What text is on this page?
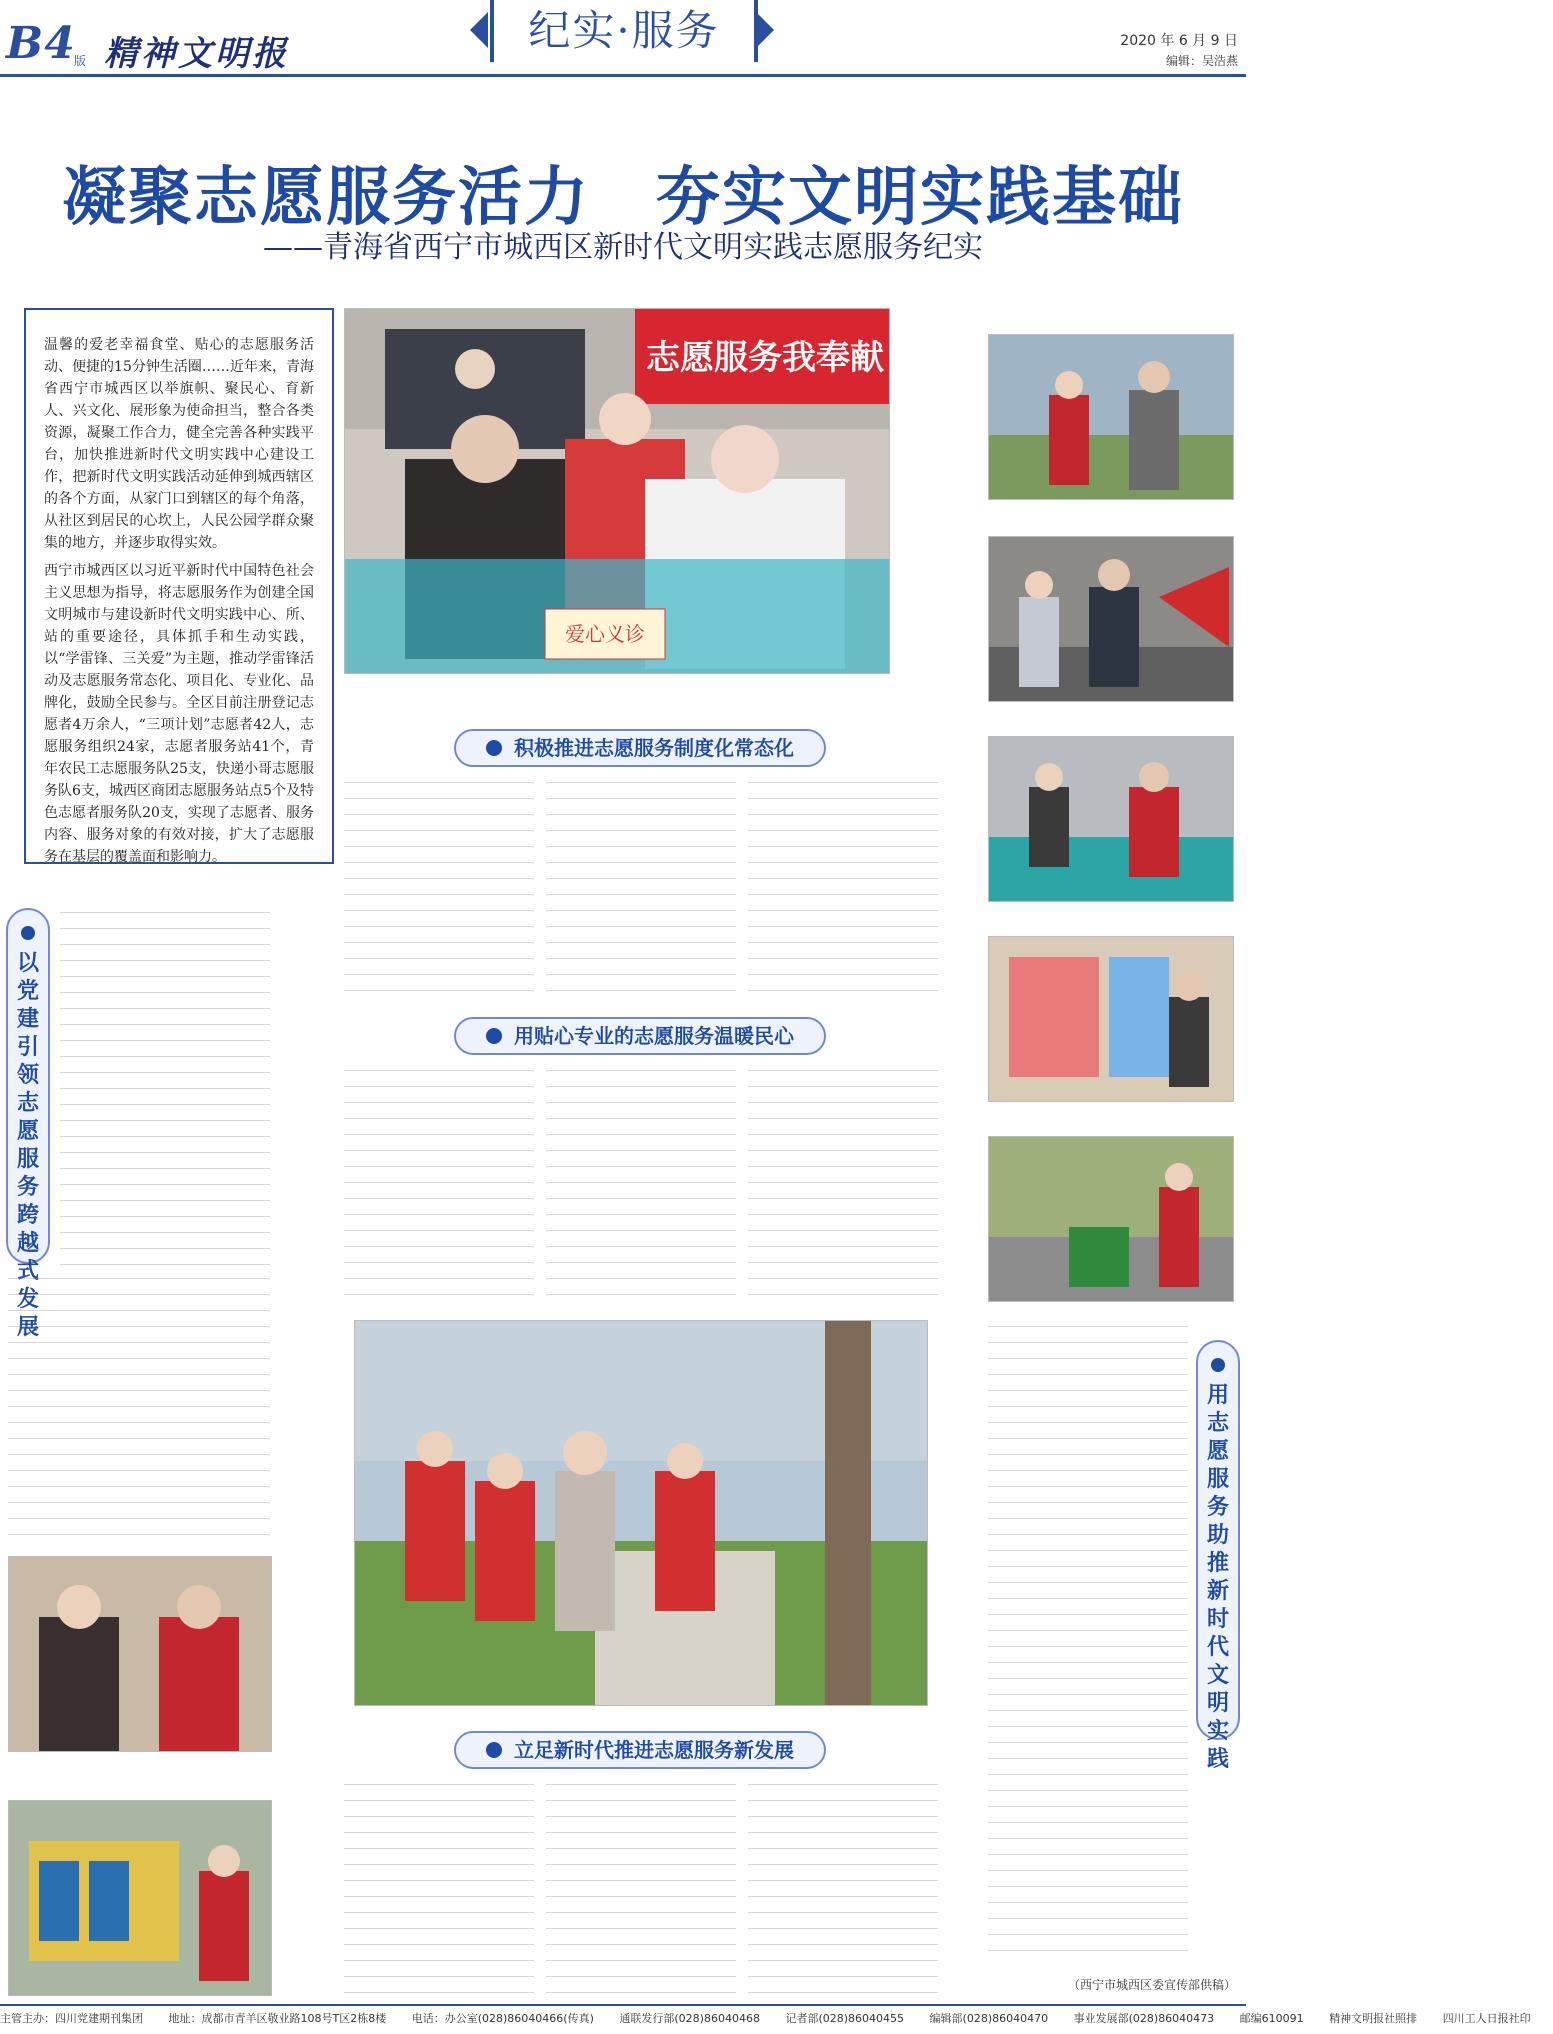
B4
版 精神文明报	纪实·服务	2020 年 6 月 9 日
编辑：吴浩燕
凝聚志愿服务活力　夯实文明实践基础
——青海省西宁市城西区新时代文明实践志愿服务纪实

温馨的爱老幸福食堂、贴心的志愿服务活动、便捷的15分钟生活圈……近年来，青海省西宁市城西区以举旗帜、聚民心、育新人、兴文化、展形象为使命担当，整合各类资源，凝聚工作合力，健全完善各种实践平台，加快推进新时代文明实践中心建设工作，把新时代文明实践活动延伸到城西辖区的各个方面，从家门口到辖区的每个角落，从社区到居民的心坎上，人民公园学群众聚集的地方，并逐步取得实效。

西宁市城西区以习近平新时代中国特色社会主义思想为指导，将志愿服务作为创建全国文明城市与建设新时代文明实践中心、所、站的重要途径，具体抓手和生动实践，以“学雷锋、三关爱”为主题，推动学雷锋活动及志愿服务常态化、项目化、专业化、品牌化，鼓励全民参与。全区目前注册登记志愿者4万余人，“三项计划”志愿者42人，志愿服务组织24家，志愿者服务站41个，青年农民工志愿服务队25支，快递小哥志愿服务队6支，城西区商团志愿服务站点5个及特色志愿者服务队20支，实现了志愿者、服务内容、服务对象的有效对接，扩大了志愿服务在基层的覆盖面和影响力。

志愿服务我奉献
爱心义诊
积极推进志愿服务制度化常态化
用贴心专业的志愿服务温暖民心
立足新时代推进志愿服务新发展
以
党
建
引
领
志
愿
服
务
跨
越
式
发
展
用
志
愿
服
务
助
推
新
时
代
文
明
实
践
（西宁市城西区委宣传部供稿）
主管主办：四川党建期刊集团 地址：成都市青羊区敬业路108号T区2栋8楼 电话：办公室(028)86040466(传真) 通联发行部(028)86040468 记者部(028)86040455 编辑部(028)86040470 事业发展部(028)86040473 邮编610091 精神文明报社照排 四川工人日报社印
